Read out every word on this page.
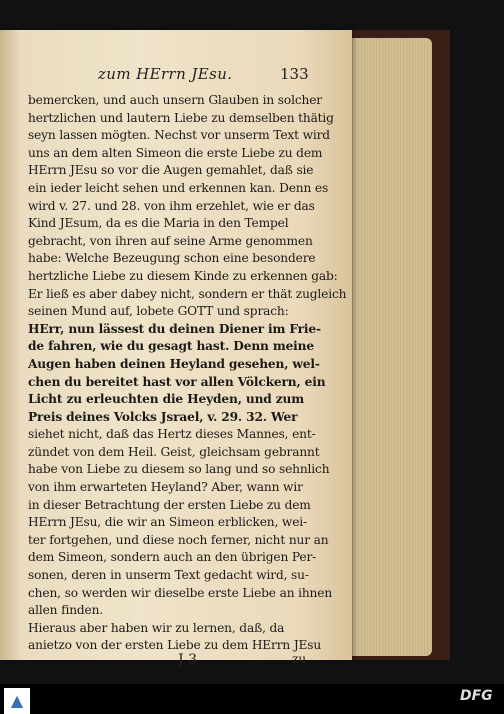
zum HErrn JEsu.	133
bemercken, und auch unsern Glauben in solcher
hertzlichen und lautern Liebe zu demselben thätig
seyn lassen mögten. Nechst vor unserm Text wird
uns an dem alten Simeon die erste Liebe zu dem
HErrn JEsu so vor die Augen gemahlet, daß sie
ein ieder leicht sehen und erkennen kan. Denn es
wird v. 27. und 28. von ihm erzehlet, wie er das
Kind JEsum, da es die Maria in den Tempel
gebracht, von ihren auf seine Arme genommen
habe: Welche Bezeugung schon eine besondere
hertzliche Liebe zu diesem Kinde zu erkennen gab:
Er ließ es aber dabey nicht, sondern er thät zugleich
seinen Mund auf, lobete GOTT und sprach:
HErr, nun lässest du deinen Diener im Frie-
de fahren, wie du gesagt hast. Denn meine
Augen haben deinen Heyland gesehen, wel-
chen du bereitet hast vor allen Völckern, ein
Licht zu erleuchten die Heyden, und zum
Preis deines Volcks Jsrael, v. 29. 32. Wer
siehet nicht, daß das Hertz dieses Mannes, ent-
zündet von dem Heil. Geist, gleichsam gebrannt
habe von Liebe zu diesem so lang und so sehnlich
von ihm erwarteten Heyland? Aber, wann wir
in dieser Betrachtung der ersten Liebe zu dem
HErrn JEsu, die wir an Simeon erblicken, wei-
ter fortgehen, und diese noch ferner, nicht nur an
dem Simeon, sondern auch an den übrigen Per-
sonen, deren in unserm Text gedacht wird, su-
chen, so werden wir dieselbe erste Liebe an ihnen
allen finden.
Hieraus aber haben wir zu lernen, daß, da
anietzo von der ersten Liebe zu dem HErrn JEsu
J 3	zu
▲	DFG
